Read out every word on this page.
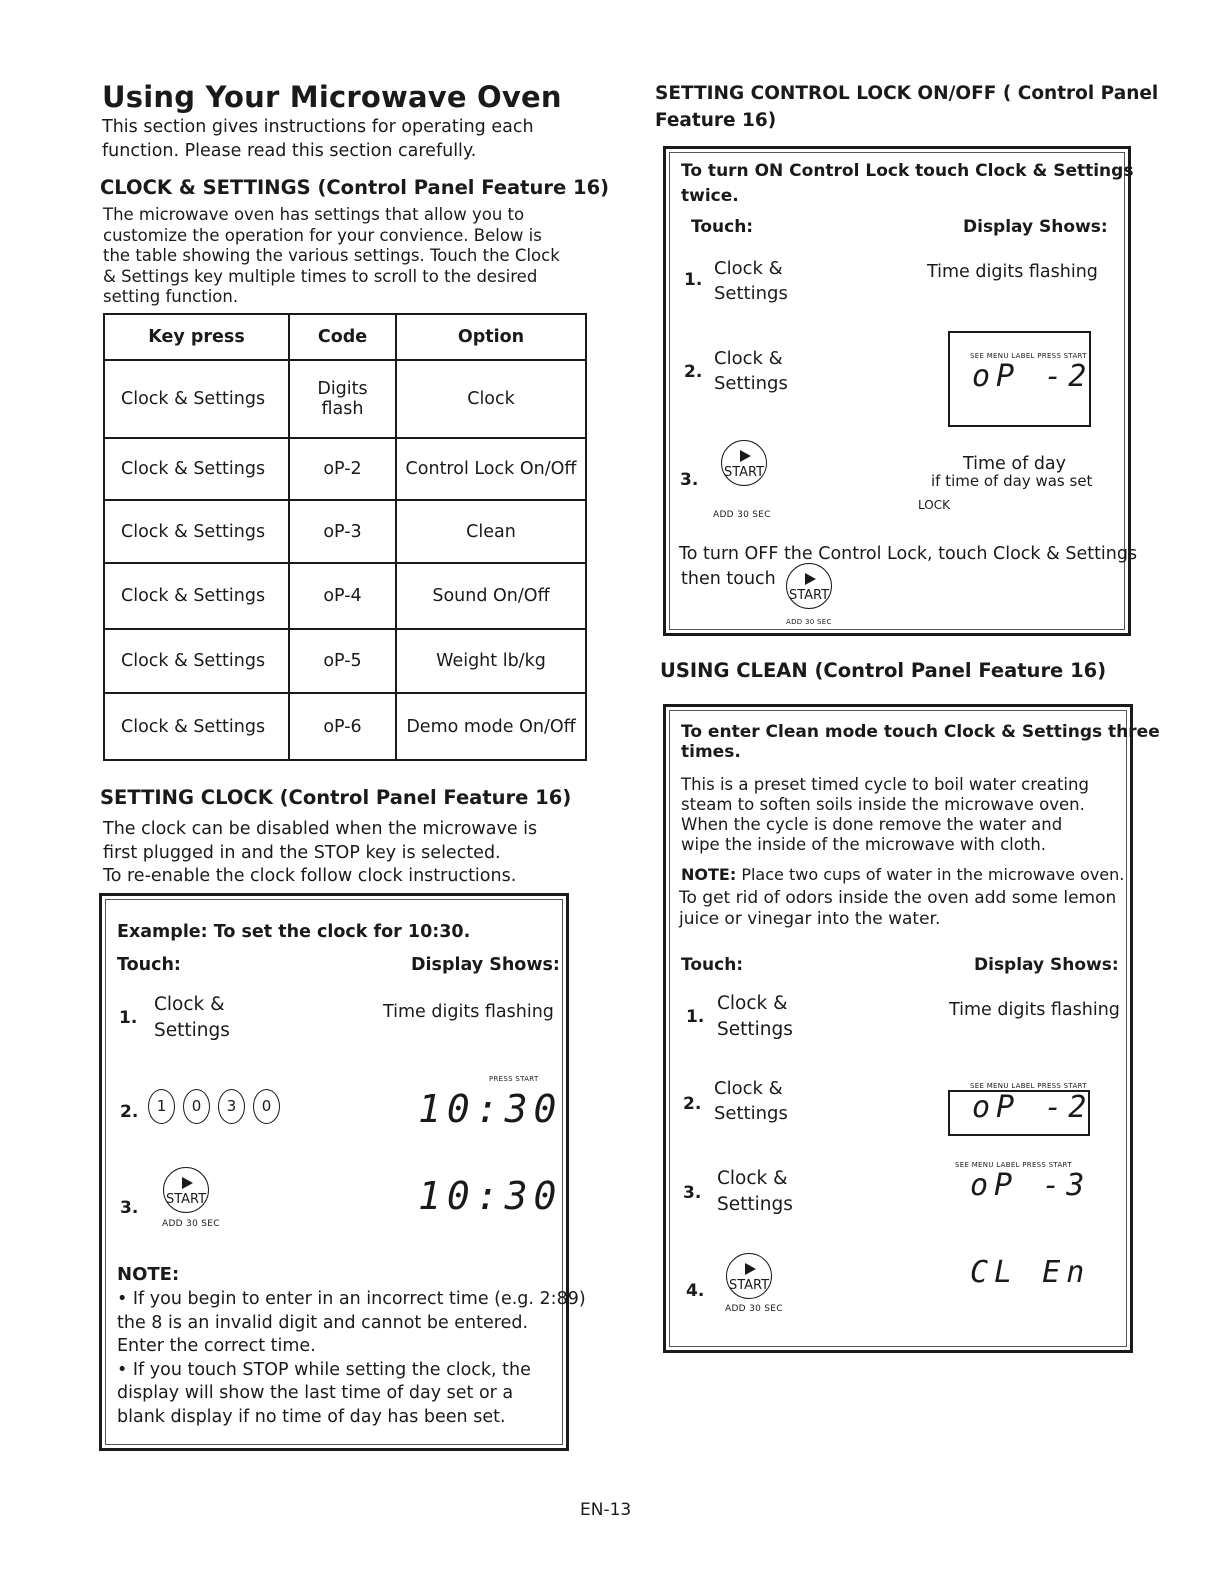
Using Your Microwave Oven
This section gives instructions for operating each
function. Please read this section carefully.
CLOCK & SETTINGS (Control Panel Feature 16)
The microwave oven has settings that allow you to
customize the operation for your convience. Below is
the table showing the various settings. Touch the Clock
& Settings key multiple times to scroll to the desired
setting function.
Key press	Code	Option
Clock & Settings	Digits flash	Clock
Clock & Settings	oP-2	Control Lock On/Off
Clock & Settings	oP-3	Clean
Clock & Settings	oP-4	Sound On/Off
Clock & Settings	oP-5	Weight lb/kg
Clock & Settings	oP-6	Demo mode On/Off
SETTING CLOCK (Control Panel Feature 16)
The clock can be disabled when the microwave is
first plugged in and the STOP key is selected.
To re-enable the clock follow clock instructions.
Example: To set the clock for 10:30.
Touch:	Display Shows:
1.
Clock &
Settings
Time digits flashing
2.	1 0 3 0
PRESS START
10:30
3. START
ADD 30 SEC
10:30
NOTE:
• If you begin to enter in an incorrect time (e.g. 2:89)
the 8 is an invalid digit and cannot be entered.
Enter the correct time.
• If you touch STOP while setting the clock, the
display will show the last time of day set or a
blank display if no time of day has been set.
SETTING CONTROL LOCK ON/OFF ( Control Panel
Feature 16)
To turn ON Control Lock touch Clock & Settings
twice.
Touch:	Display Shows:
1.
Clock &
Settings
Time digits flashing
2.
Clock &
Settings
SEE MENU LABEL PRESS START
oP -2
3. START
ADD 30 SEC
Time of day
if time of day was set
LOCK
To turn OFF the Control Lock, touch Clock & Settings
then touch
START
ADD 30 SEC
USING CLEAN (Control Panel Feature 16)
To enter Clean mode touch Clock & Settings three
times.
This is a preset timed cycle to boil water creating
steam to soften soils inside the microwave oven.
When the cycle is done remove the water and
wipe the inside of the microwave with cloth.
NOTE: Place two cups of water in the microwave oven.
To get rid of odors inside the oven add some lemon
juice or vinegar into the water.
Touch:	Display Shows:
1.
Clock &
Settings
Time digits flashing
2.
Clock &
Settings
SEE MENU LABEL PRESS START
oP -2
3.
Clock &
Settings
SEE MENU LABEL PRESS START
oP -3
4. START
ADD 30 SEC
CL En
EN-13
